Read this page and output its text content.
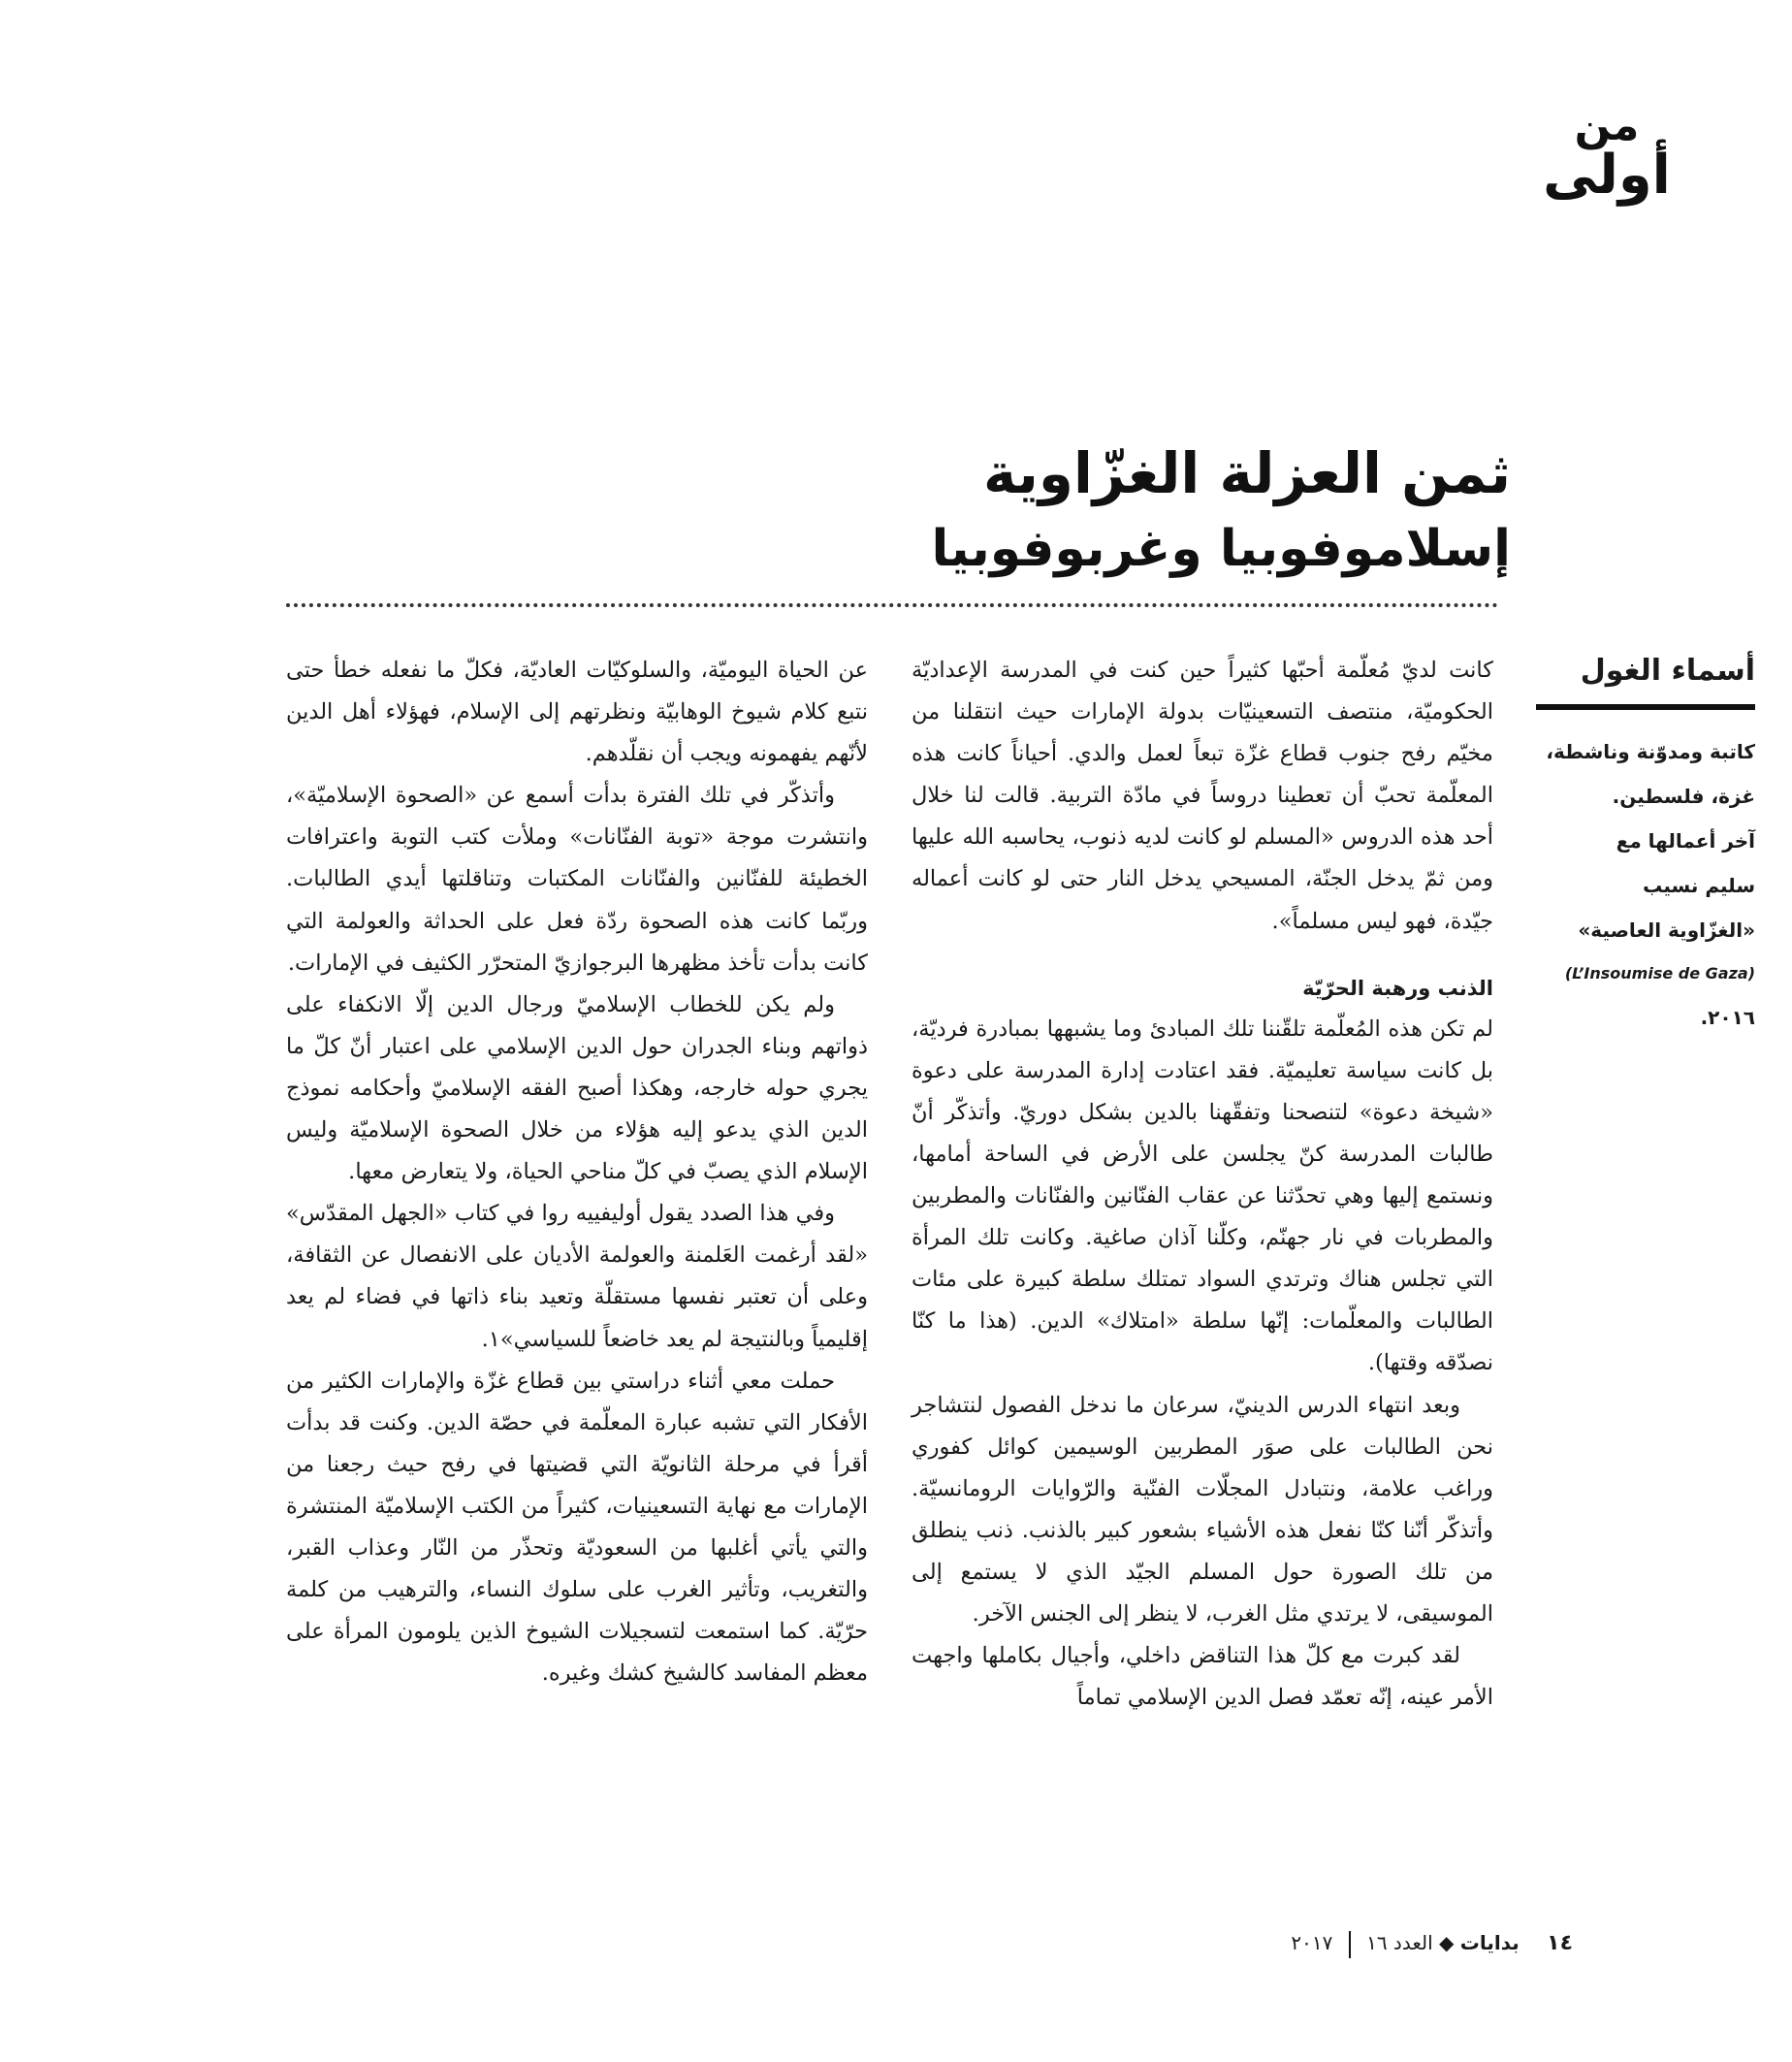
من
أولى
ثمن العزلة الغزّاوية
إسلاموفوبيا وغربوفوبيا
أسماء الغول
كاتبة ومدوّنة وناشطة،
غزة، فلسطين.
آخر أعمالها مع
سليم نسيب
«الغزّاوية العاصية»
(L’Insoumise de Gaza)
٢٠١٦.

كانت لديّ مُعلّمة أحبّها كثيراً حين كنت في المدرسة الإعداديّة الحكوميّة، منتصف التسعينيّات بدولة الإمارات حيث انتقلنا من مخيّم رفح جنوب قطاع غزّة تبعاً لعمل والدي. أحياناً كانت هذه المعلّمة تحبّ أن تعطينا دروساً في مادّة التربية. قالت لنا خلال أحد هذه الدروس «المسلم لو كانت لديه ذنوب، يحاسبه الله عليها ومن ثمّ يدخل الجنّة، المسيحي يدخل النار حتى لو كانت أعماله جيّدة، فهو ليس مسلماً».

الذنب ورهبة الحرّيّة

لم تكن هذه المُعلّمة تلقّننا تلك المبادئ وما يشبهها بمبادرة فرديّة، بل كانت سياسة تعليميّة. فقد اعتادت إدارة المدرسة على دعوة «شيخة دعوة» لتنصحنا وتفقّهنا بالدين بشكل دوريّ. وأتذكّر أنّ طالبات المدرسة كنّ يجلسن على الأرض في الساحة أمامها، ونستمع إليها وهي تحدّثنا عن عقاب الفنّانين والفنّانات والمطربين والمطربات في نار جهنّم، وكلّنا آذان صاغية. وكانت تلك المرأة التي تجلس هناك وترتدي السواد تمتلك سلطة كبيرة على مئات الطالبات والمعلّمات: إنّها سلطة «امتلاك» الدين. (هذا ما كنّا نصدّقه وقتها).

وبعد انتهاء الدرس الدينيّ، سرعان ما ندخل الفصول لنتشاجر نحن الطالبات على صوَر المطربين الوسيمين كوائل كفوري وراغب علامة، ونتبادل المجلّات الفنّية والرّوايات الرومانسيّة. وأتذكّر أنّنا كنّا نفعل هذه الأشياء بشعور كبير بالذنب. ذنب ينطلق من تلك الصورة حول المسلم الجيّد الذي لا يستمع إلى الموسيقى، لا يرتدي مثل الغرب، لا ينظر إلى الجنس الآخر.

لقد كبرت مع كلّ هذا التناقض داخلي، وأجيال بكاملها واجهت الأمر عينه، إنّه تعمّد فصل الدين الإسلامي تماماً

عن الحياة اليوميّة، والسلوكيّات العاديّة، فكلّ ما نفعله خطأ حتى نتبع كلام شيوخ الوهابيّة ونظرتهم إلى الإسلام، فهؤلاء أهل الدين لأنّهم يفهمونه ويجب أن نقلّدهم.

وأتذكّر في تلك الفترة بدأت أسمع عن «الصحوة الإسلاميّة»، وانتشرت موجة «توبة الفنّانات» وملأت كتب التوبة واعترافات الخطيئة للفنّانين والفنّانات المكتبات وتناقلتها أيدي الطالبات. وربّما كانت هذه الصحوة ردّة فعل على الحداثة والعولمة التي كانت بدأت تأخذ مظهرها البرجوازيّ المتحرّر الكثيف في الإمارات.

ولم يكن للخطاب الإسلاميّ ورجال الدين إلّا الانكفاء على ذواتهم وبناء الجدران حول الدين الإسلامي على اعتبار أنّ كلّ ما يجري حوله خارجه، وهكذا أصبح الفقه الإسلاميّ وأحكامه نموذج الدين الذي يدعو إليه هؤلاء من خلال الصحوة الإسلاميّة وليس الإسلام الذي يصبّ في كلّ مناحي الحياة، ولا يتعارض معها.

وفي هذا الصدد يقول أوليفييه روا في كتاب «الجهل المقدّس» «لقد أرغمت العَلمنة والعولمة الأديان على الانفصال عن الثقافة، وعلى أن تعتبر نفسها مستقلّة وتعيد بناء ذاتها في فضاء لم يعد إقليمياً وبالنتيجة لم يعد خاضعاً للسياسي»١.

حملت معي أثناء دراستي بين قطاع غزّة والإمارات الكثير من الأفكار التي تشبه عبارة المعلّمة في حصّة الدين. وكنت قد بدأت أقرأ في مرحلة الثانويّة التي قضيتها في رفح حيث رجعنا من الإمارات مع نهاية التسعينيات، كثيراً من الكتب الإسلاميّة المنتشرة والتي يأتي أغلبها من السعوديّة وتحذّر من النّار وعذاب القبر، والتغريب، وتأثير الغرب على سلوك النساء، والترهيب من كلمة حرّيّة. كما استمعت لتسجيلات الشيوخ الذين يلومون المرأة على معظم المفاسد كالشيخ كشك وغيره.

١٤ بدايات ◆ العدد ١٦  ٢٠١٧
